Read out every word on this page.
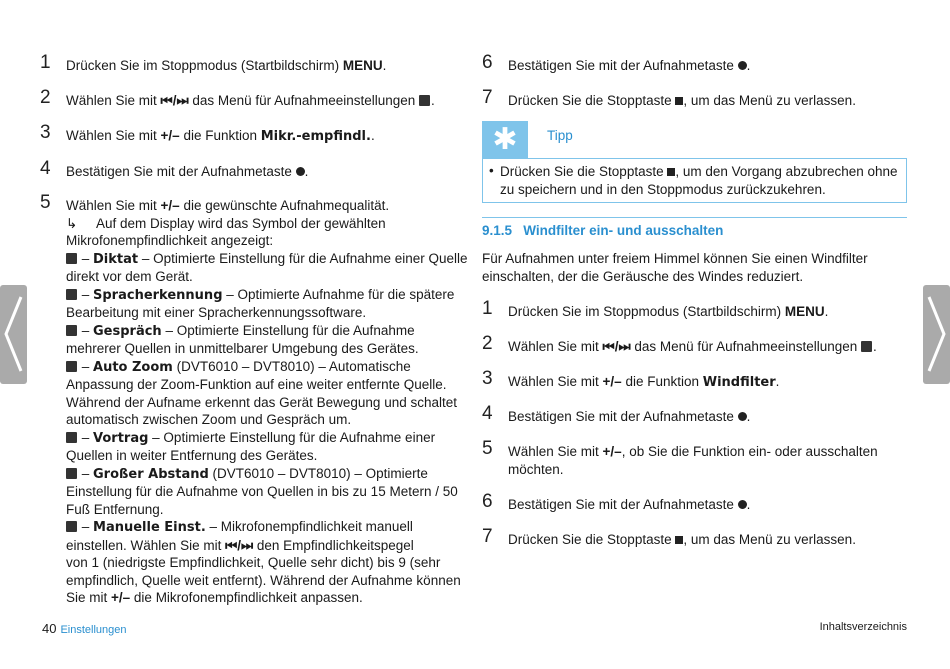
1 Drücken Sie im Stoppmodus (Startbildschirm) MENU.
2 Wählen Sie mit ⏮/⏭ das Menü für Aufnahmeeinstellungen .
3 Wählen Sie mit +/– die Funktion Mikr.-empfindl..
4 Bestätigen Sie mit der Aufnahmetaste .
5 Wählen Sie mit +/– die gewünschte Aufnahmequalität.
↳ Auf dem Display wird das Symbol der gewählten
Mikrofonempfindlichkeit angezeigt:
– Diktat – Optimierte Einstellung für die Aufnahme einer Quelle
direkt vor dem Gerät.
– Spracherkennung – Optimierte Aufnahme für die spätere
Bearbeitung mit einer Spracherkennungssoftware.
– Gespräch – Optimierte Einstellung für die Aufnahme
mehrerer Quellen in unmittelbarer Umgebung des Gerätes.
– Auto Zoom (DVT6010 – DVT8010) – Automatische
Anpassung der Zoom-Funktion auf eine weiter entfernte Quelle.
Während der Aufname erkennt das Gerät Bewegung und schaltet
automatisch zwischen Zoom und Gespräch um.
– Vortrag – Optimierte Einstellung für die Aufnahme einer
Quellen in weiter Entfernung des Gerätes.
– Großer Abstand (DVT6010 – DVT8010) – Optimierte
Einstellung für die Aufnahme von Quellen in bis zu 15 Metern / 50
Fuß Entfernung.
– Manuelle Einst. – Mikrofonempfindlichkeit manuell
einstellen. Wählen Sie mit ⏮/⏭ den Empfindlichkeitspegel
von 1 (niedrigste Empfindlichkeit, Quelle sehr dicht) bis 9 (sehr
empfindlich, Quelle weit entfernt). Während der Aufnahme können
Sie mit +/– die Mikrofonempfindlichkeit anpassen.
6 Bestätigen Sie mit der Aufnahmetaste .
7 Drücken Sie die Stopptaste , um das Menü zu verlassen.
✱	Tipp
• Drücken Sie die Stopptaste , um den Vorgang abzubrechen ohne
zu speichern und in den Stoppmodus zurückzukehren.
9.1.5   Windfilter ein- und ausschalten
Für Aufnahmen unter freiem Himmel können Sie einen Windfilter
einschalten, der die Geräusche des Windes reduziert.
1 Drücken Sie im Stoppmodus (Startbildschirm) MENU.
2 Wählen Sie mit ⏮/⏭ das Menü für Aufnahmeeinstellungen .
3 Wählen Sie mit +/– die Funktion Windfilter.
4 Bestätigen Sie mit der Aufnahmetaste .
5 Wählen Sie mit +/–, ob Sie die Funktion ein- oder ausschalten
möchten.
6 Bestätigen Sie mit der Aufnahmetaste .
7 Drücken Sie die Stopptaste , um das Menü zu verlassen.
40 Einstellungen	Inhaltsverzeichnis
